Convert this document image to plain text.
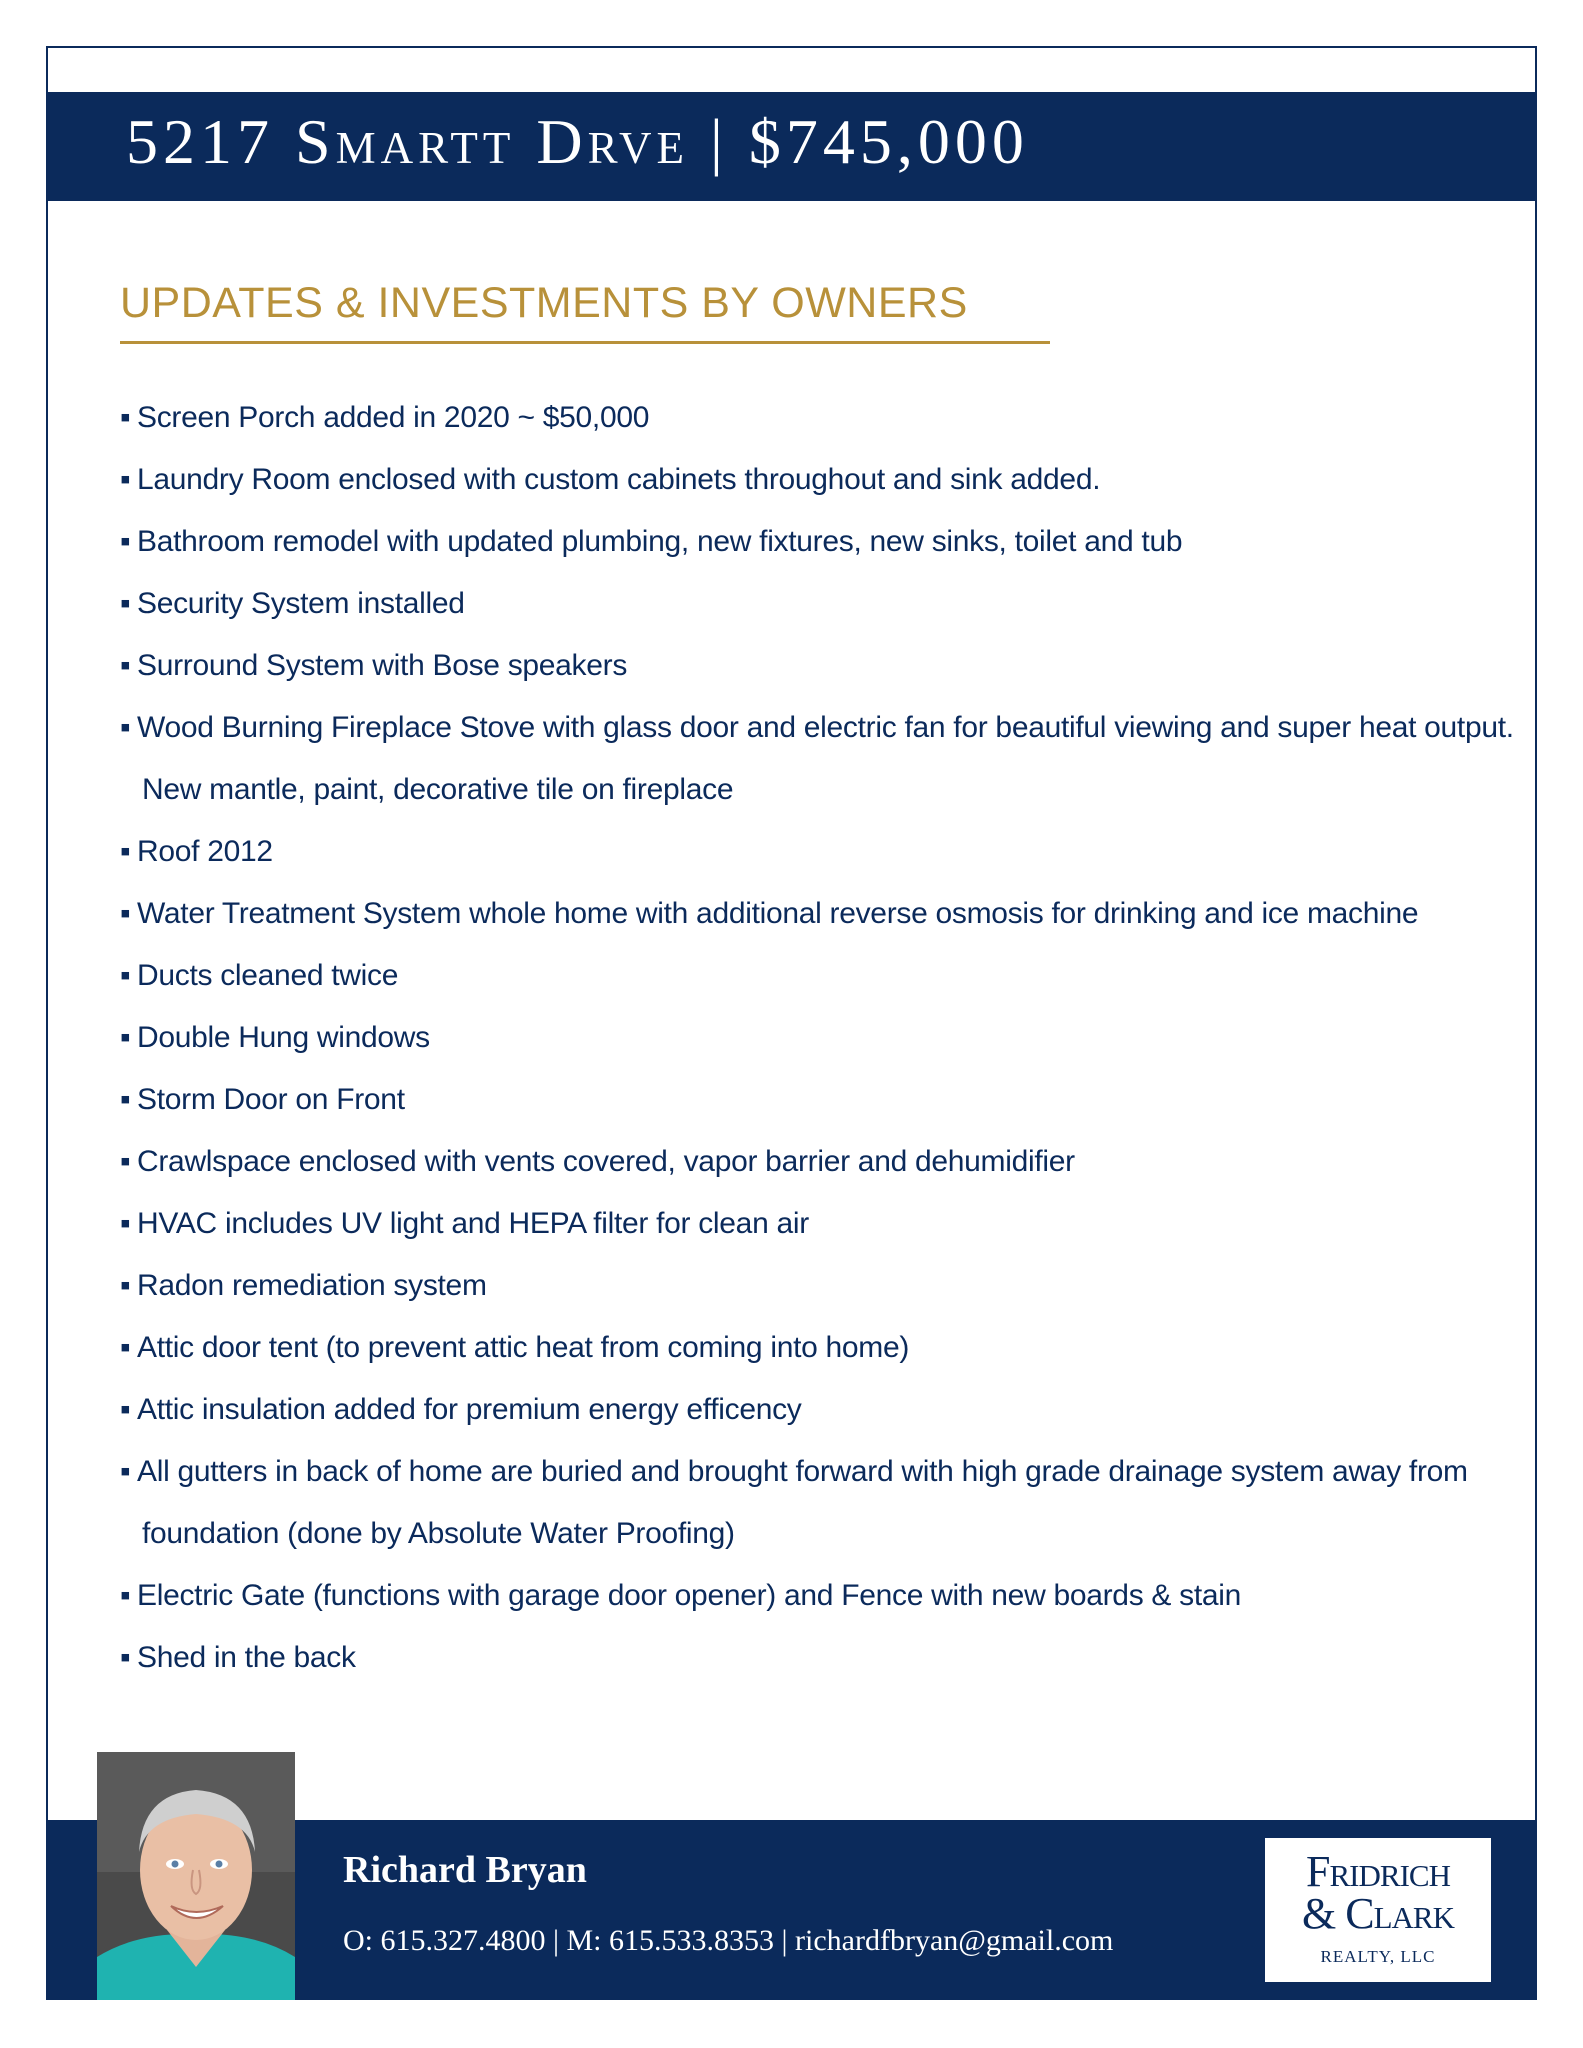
5217 Smartt Drve | $745,000
UPDATES & INVESTMENTS BY OWNERS
▪ Screen Porch added in 2020 ~ $50,000
▪ Laundry Room enclosed with custom cabinets throughout and sink added.
▪ Bathroom remodel with updated plumbing, new fixtures, new sinks, toilet and tub
▪ Security System installed
▪ Surround System with Bose speakers
▪ Wood Burning Fireplace Stove with glass door and electric fan for beautiful viewing and super heat output.
New mantle, paint, decorative tile on fireplace
▪ Roof 2012
▪ Water Treatment System whole home with additional reverse osmosis for drinking and ice machine
▪ Ducts cleaned twice
▪ Double Hung windows
▪ Storm Door on Front
▪ Crawlspace enclosed with vents covered, vapor barrier and dehumidifier
▪ HVAC includes UV light and HEPA filter for clean air
▪ Radon remediation system
▪ Attic door tent (to prevent attic heat from coming into home)
▪ Attic insulation added for premium energy efficency
▪ All gutters in back of home are buried and brought forward with high grade drainage system away from
foundation (done by Absolute Water Proofing)
▪ Electric Gate (functions with garage door opener) and Fence with new boards & stain
▪ Shed in the back
Richard Bryan
O: 615.327.4800 | M: 615.533.8353 | richardfbryan@gmail.com
Fridrich
& Clark
REALTY, LLC
